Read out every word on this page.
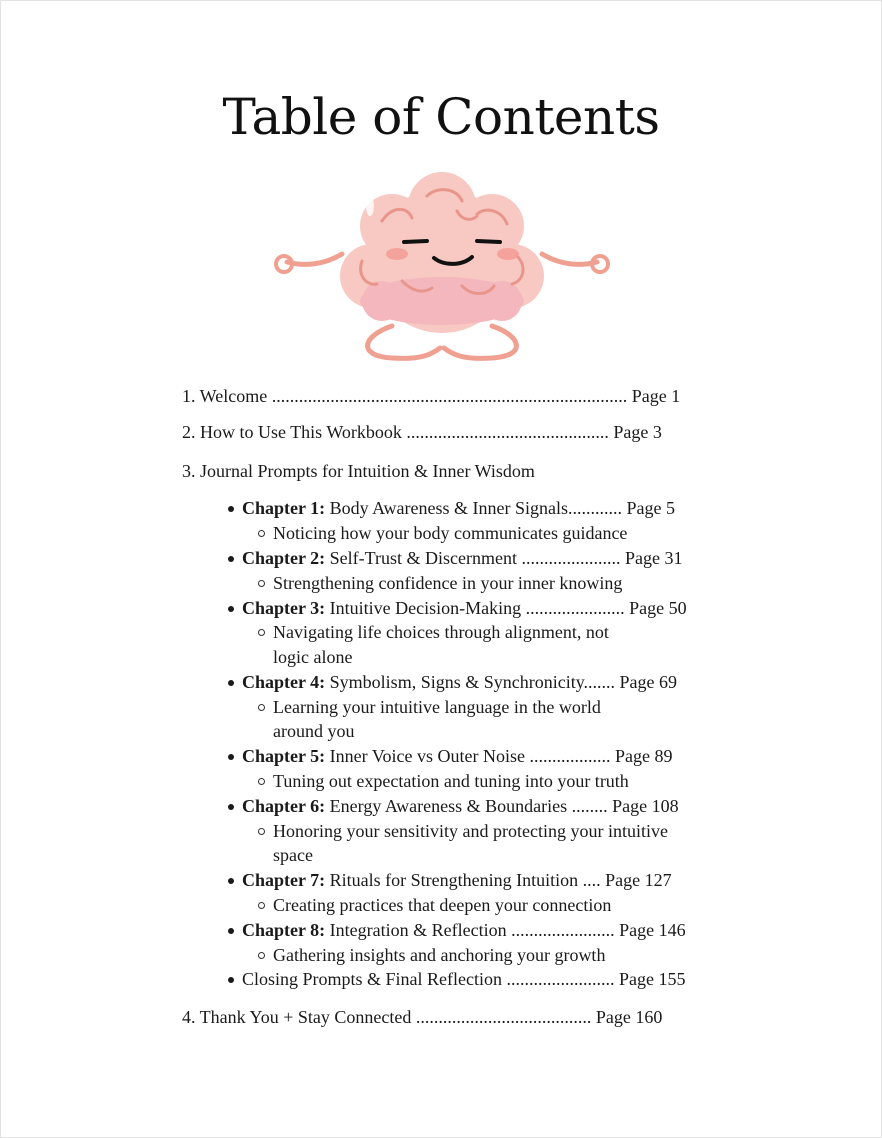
Table of Contents
1. Welcome ............................................................................... Page 1
2. How to Use This Workbook ............................................. Page 3
3. Journal Prompts for Intuition & Inner Wisdom
Chapter 1: Body Awareness & Inner Signals............ Page 5
Noticing how your body communicates guidance
Chapter 2: Self-Trust & Discernment ...................... Page 31
Strengthening confidence in your inner knowing
Chapter 3: Intuitive Decision-Making ...................... Page 50
Navigating life choices through alignment, not
logic alone
Chapter 4: Symbolism, Signs & Synchronicity....... Page 69
Learning your intuitive language in the world
around you
Chapter 5: Inner Voice vs Outer Noise .................. Page 89
Tuning out expectation and tuning into your truth
Chapter 6: Energy Awareness & Boundaries ........ Page 108
Honoring your sensitivity and protecting your intuitive
space
Chapter 7: Rituals for Strengthening Intuition .... Page 127
Creating practices that deepen your connection
Chapter 8: Integration & Reflection ....................... Page 146
Gathering insights and anchoring your growth
Closing Prompts & Final Reflection ........................ Page 155
4. Thank You + Stay Connected ....................................... Page 160
